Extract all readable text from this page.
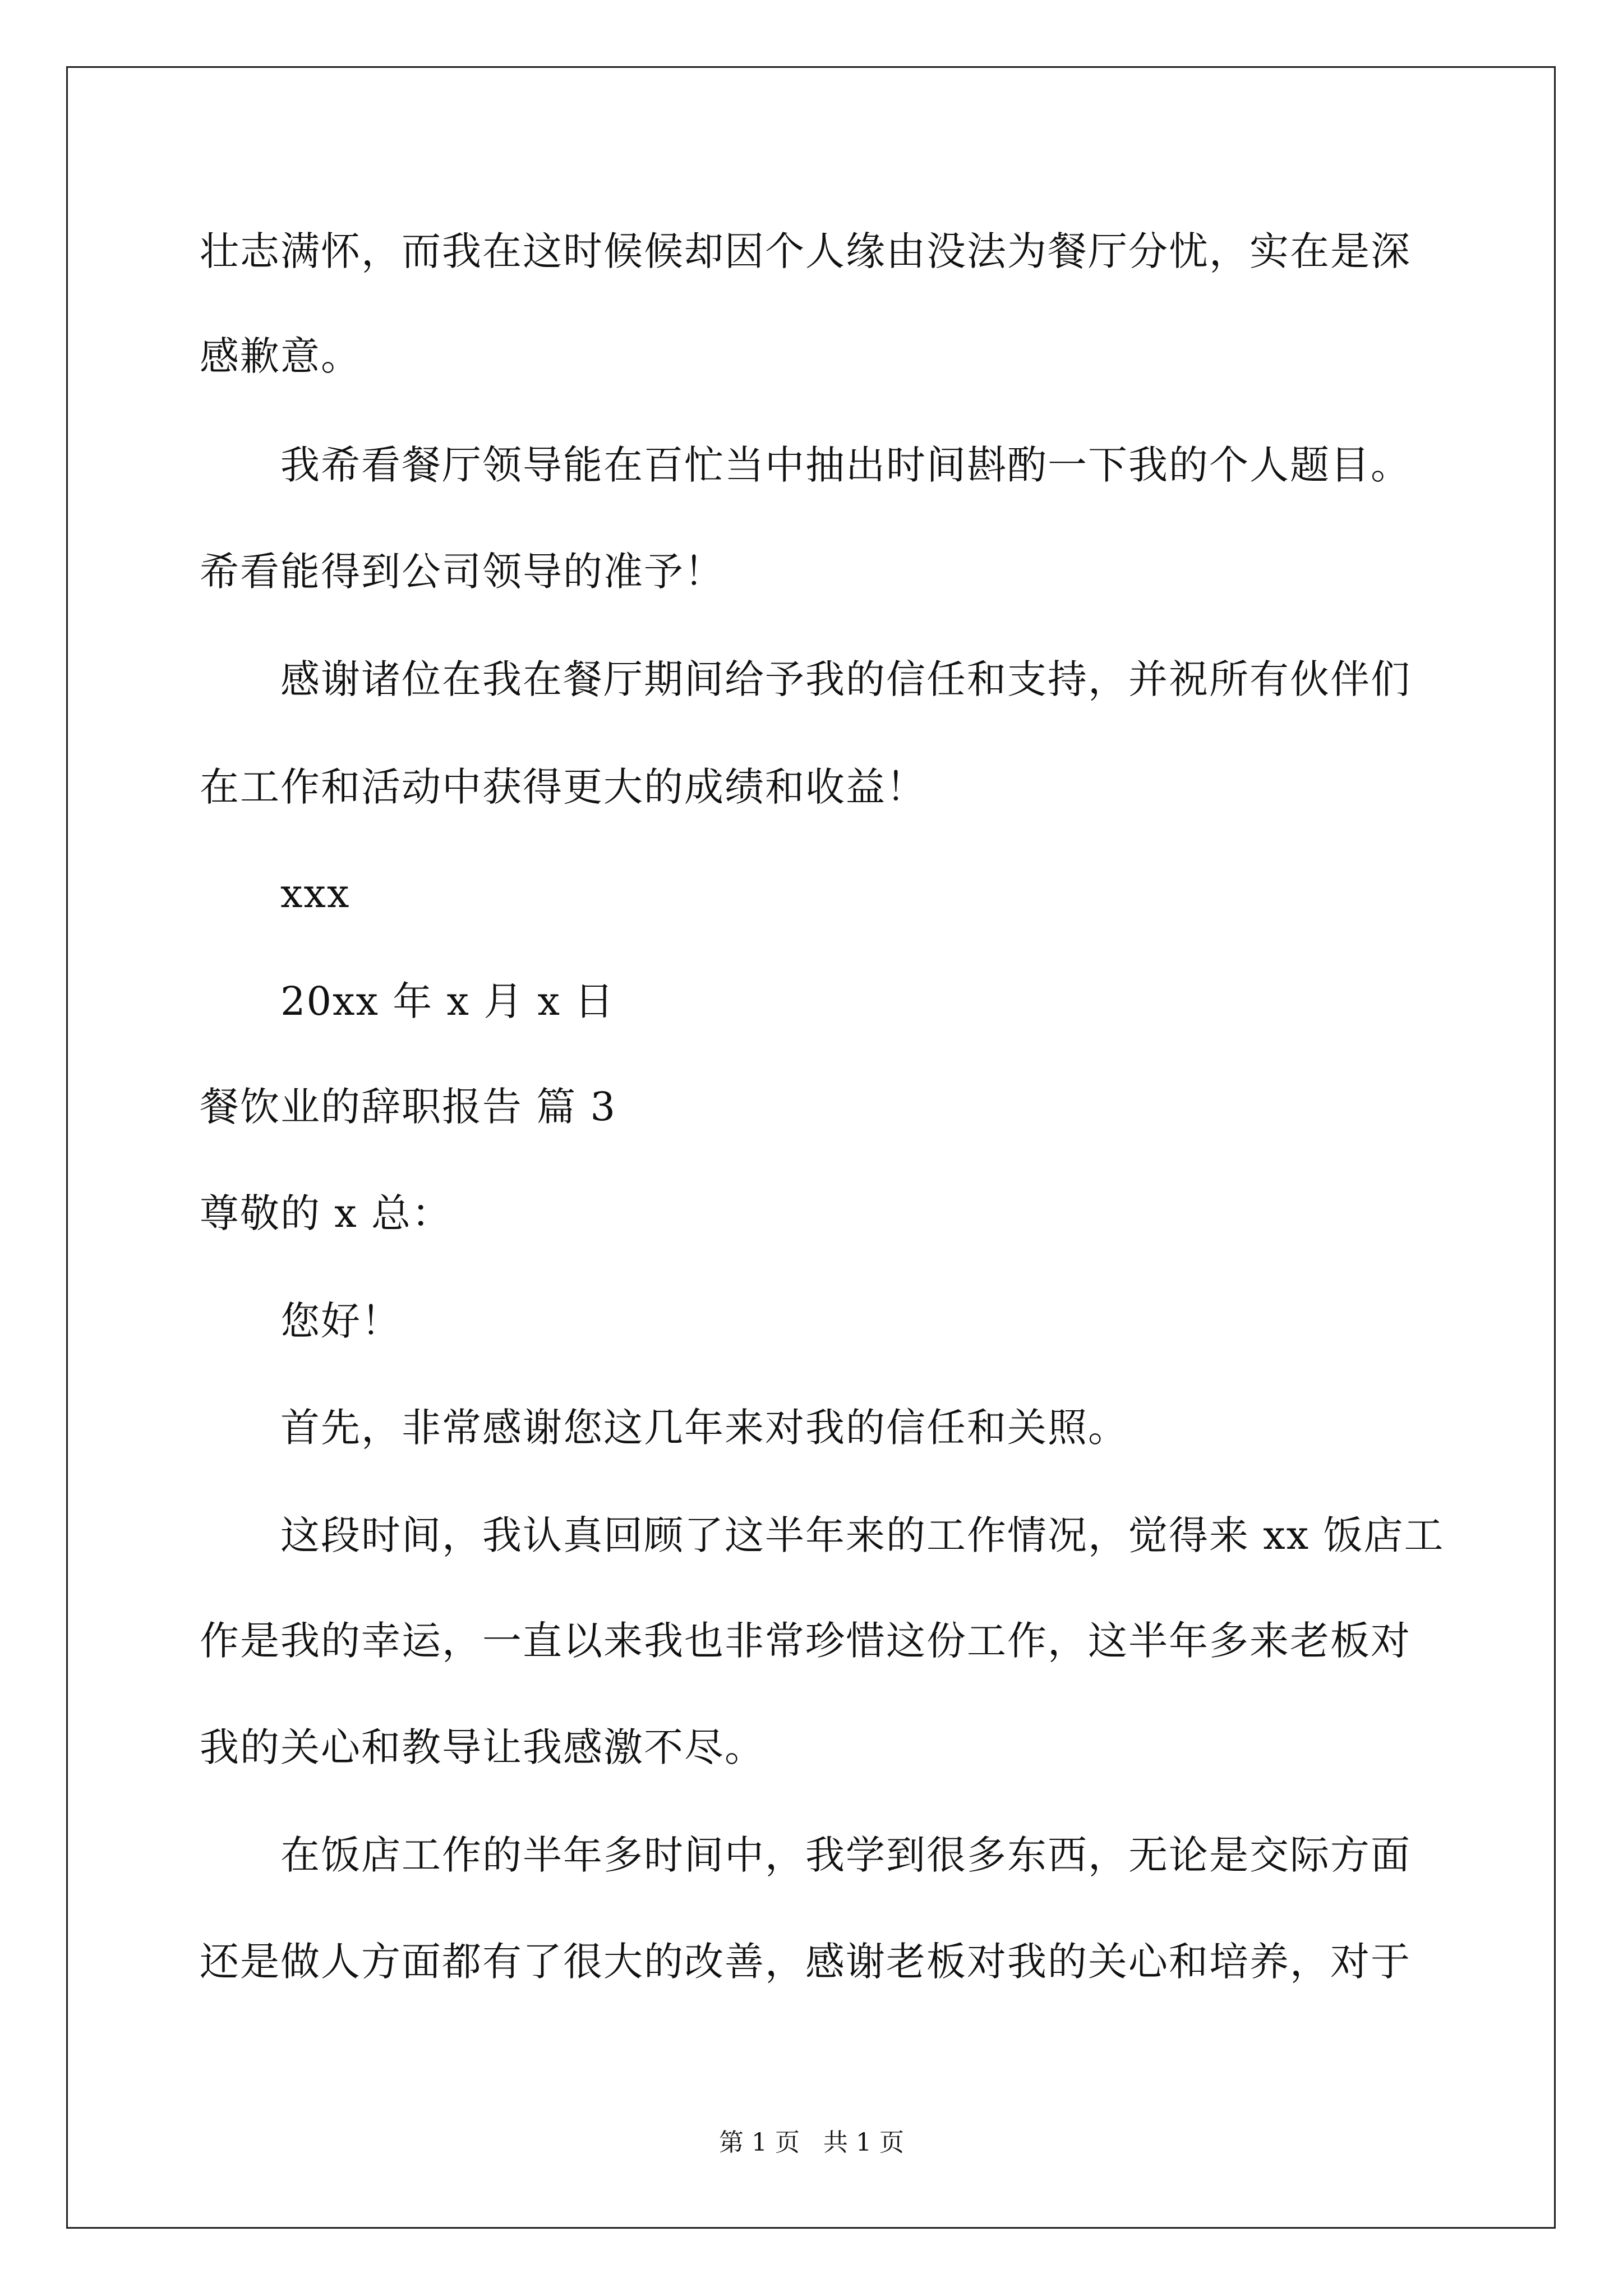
壮志满怀，而我在这时候候却因个人缘由没法为餐厅分忧，实在是深
感歉意。
我希看餐厅领导能在百忙当中抽出时间斟酌一下我的个人题目。
希看能得到公司领导的准予！
感谢诸位在我在餐厅期间给予我的信任和支持，并祝所有伙伴们
在工作和活动中获得更大的成绩和收益！
xxx
20xx 年 x 月 x 日
餐饮业的辞职报告 篇 3
尊敬的 x 总：
您好！
首先，非常感谢您这几年来对我的信任和关照。
这段时间，我认真回顾了这半年来的工作情况，觉得来 xx 饭店工
作是我的幸运，一直以来我也非常珍惜这份工作，这半年多来老板对
我的关心和教导让我感激不尽。
在饭店工作的半年多时间中，我学到很多东西，无论是交际方面
还是做人方面都有了很大的改善，感谢老板对我的关心和培养，对于
第 1 页   共 1 页
